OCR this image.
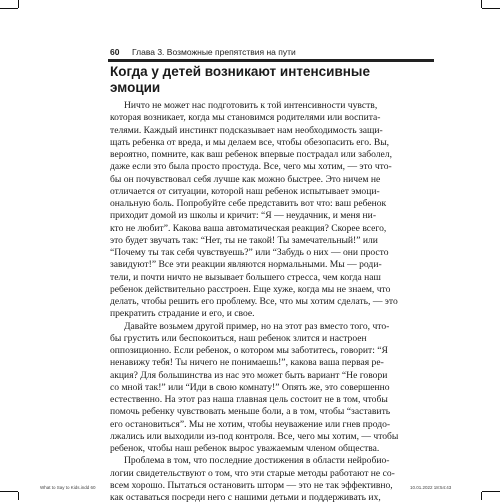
60 Глава 3. Возможные препятствия на пути
Когда у детей возникают интенсивные
эмоции
Ничто не может нас подготовить к той интенсивности чувств,
которая возникает, когда мы становимся родителями или воспита-
телями. Каждый инстинкт подсказывает нам необходимость защи-
щать ребенка от вреда, и мы делаем все, чтобы обезопасить его. Вы,
вероятно, помните, как ваш ребенок впервые пострадал или заболел,
даже если это была просто простуда. Все, чего мы хотим, — это что-
бы он почувствовал себя лучше как можно быстрее. Это ничем не
отличается от ситуации, которой наш ребенок испытывает эмоци-
ональную боль. Попробуйте себе представить вот что: ваш ребенок
приходит домой из школы и кричит: “Я — неудачник, и меня ни-
кто не любит”. Какова ваша автоматическая реакция? Скорее всего,
это будет звучать так: “Нет, ты не такой! Ты замечательный!” или
“Почему ты так себя чувствуешь?” или “Забудь о них — они просто
завидуют!” Все эти реакции являются нормальными. Мы — роди-
тели, и почти ничто не вызывает большего стресса, чем когда наш
ребенок действительно расстроен. Еще хуже, когда мы не знаем, что
делать, чтобы решить его проблему. Все, что мы хотим сделать, — это
прекратить страдание и его, и свое.
Давайте возьмем другой пример, но на этот раз вместо того, что-
бы грустить или беспокоиться, наш ребенок злится и настроен
оппозиционно. Если ребенок, о котором мы заботитесь, говорит: “Я
ненавижу тебя! Ты ничего не понимаешь!”, какова ваша первая ре-
акция? Для большинства из нас это может быть вариант “Не говори
со мной так!” или “Иди в свою комнату!” Опять же, это совершенно
естественно. На этот раз наша главная цель состоит не в том, чтобы
помочь ребенку чувствовать меньше боли, а в том, чтобы “заставить
его остановиться”. Мы не хотим, чтобы неуважение или гнев продо-
лжались или выходили из-под контроля. Все, чего мы хотим, — чтобы
ребенок, чтобы наш ребенок вырос уважаемым членом общества.
Проблема в том, что последние достижения в области нейробио-
логии свидетельствуют о том, что эти старые методы работают не со-
всем хорошо. Пытаться остановить шторм — это не так эффективно,
как оставаться посреди него с нашими детьми и поддерживать их,
What to Say to Kids.indd 60	10.01.2022 18:54:43
